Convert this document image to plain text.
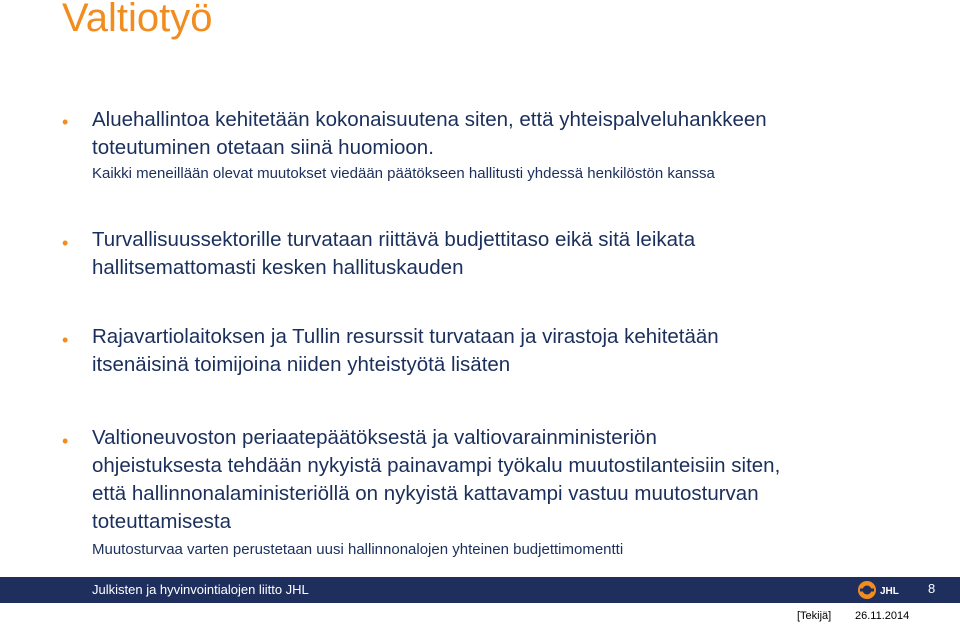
Valtiotyö
• Aluehallintoa kehitetään kokonaisuutena siten, että yhteispalveluhankkeen
toteutuminen otetaan siinä huomioon.
Kaikki meneillään olevat muutokset viedään päätökseen hallitusti yhdessä henkilöstön kanssa
• Turvallisuussektorille turvataan riittävä budjettitaso eikä sitä leikata
hallitsemattomasti kesken hallituskauden
• Rajavartiolaitoksen ja Tullin resurssit turvataan ja virastoja kehitetään
itsenäisinä toimijoina niiden yhteistyötä lisäten
• Valtioneuvoston periaatepäätöksestä ja valtiovarainministeriön
ohjeistuksesta tehdään nykyistä painavampi työkalu muutostilanteisiin siten,
että hallinnonalaministeriöllä on nykyistä kattavampi vastuu muutosturvan
toteuttamisesta
Muutosturvaa varten perustetaan uusi hallinnonalojen yhteinen budjettimomentti
Julkisten ja hyvinvointialojen liitto JHL	JHL 8
[Tekijä] 26.11.2014
